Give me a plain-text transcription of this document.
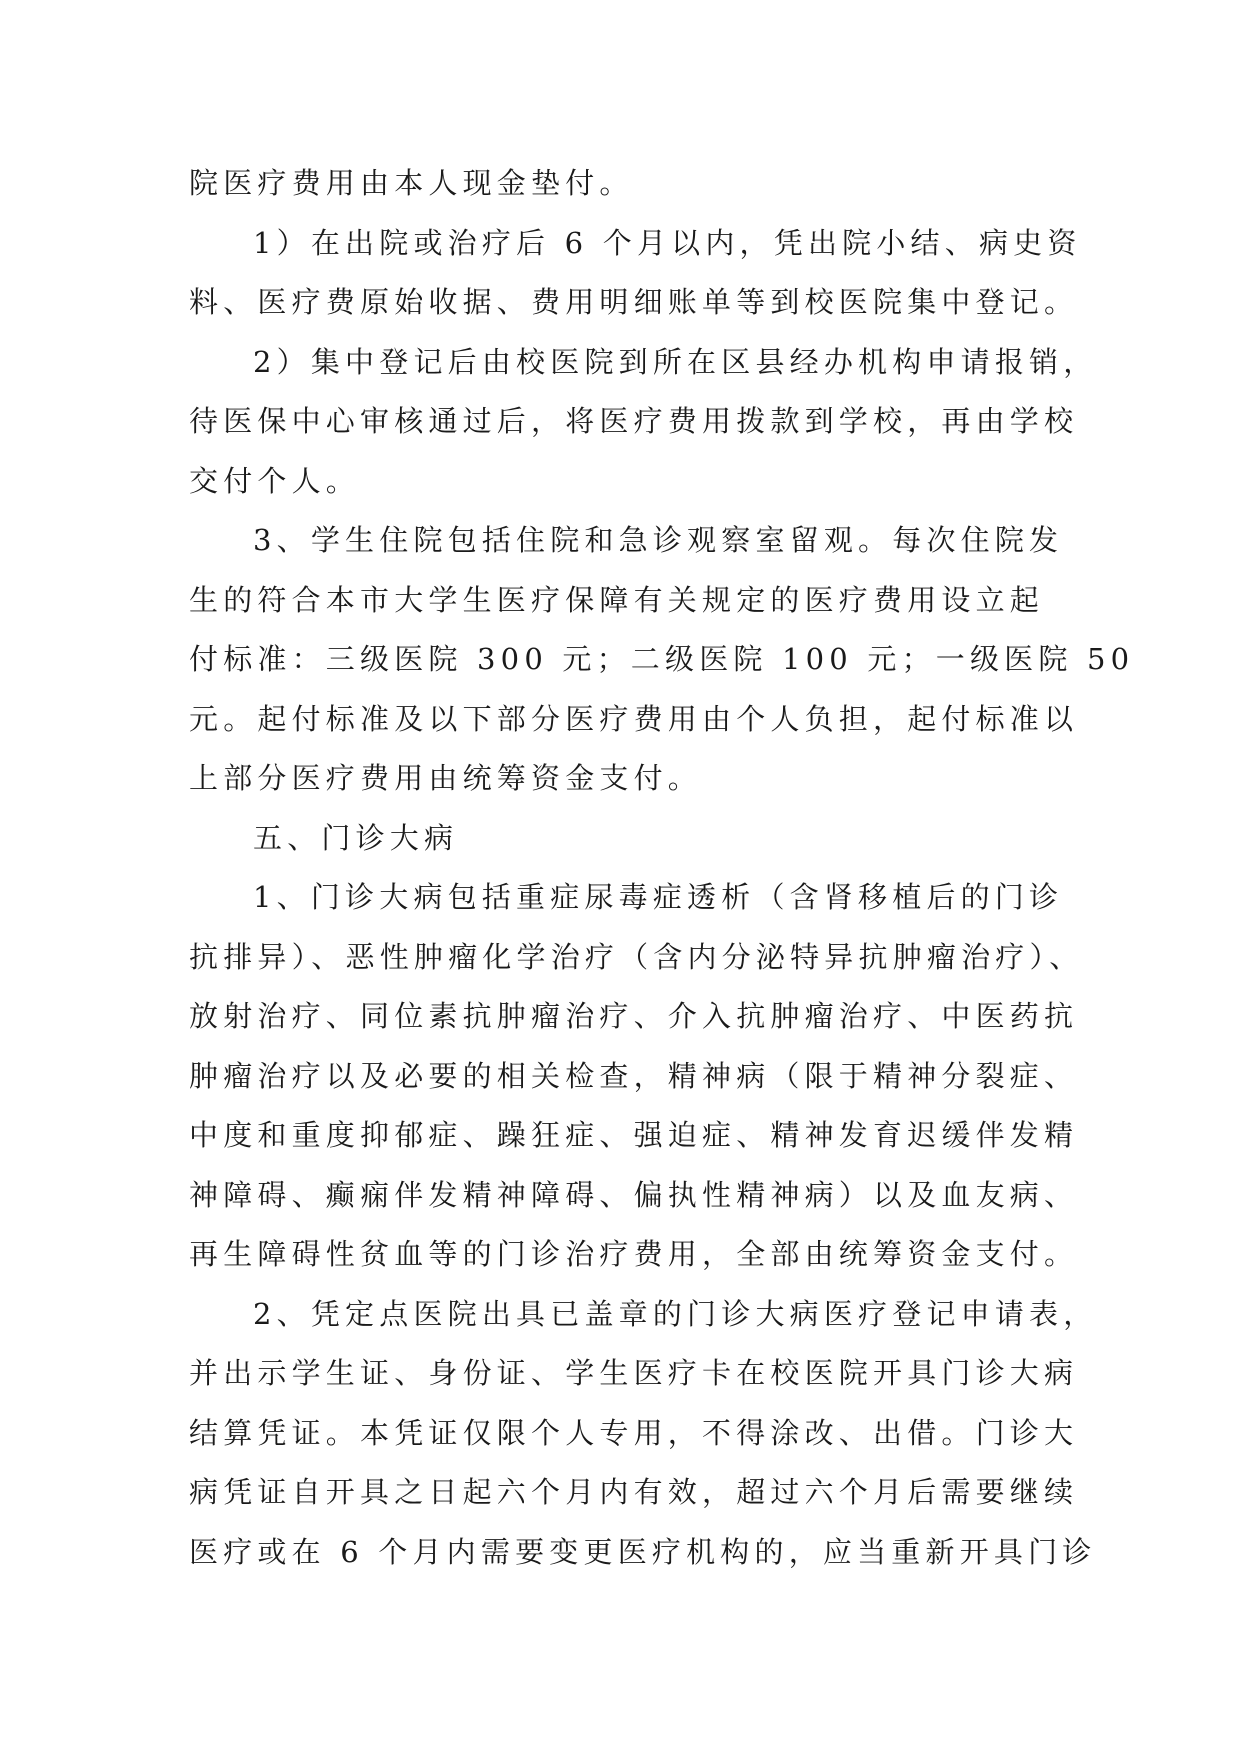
院医疗费用由本人现金垫付。
1）在出院或治疗后 6 个月以内，凭出院小结、病史资
料、医疗费原始收据、费用明细账单等到校医院集中登记。
2）集中登记后由校医院到所在区县经办机构申请报销，
待医保中心审核通过后，将医疗费用拨款到学校，再由学校
交付个人。
3、学生住院包括住院和急诊观察室留观。每次住院发
生的符合本市大学生医疗保障有关规定的医疗费用设立起
付标准：三级医院 300 元；二级医院 100 元；一级医院 50
元。起付标准及以下部分医疗费用由个人负担，起付标准以
上部分医疗费用由统筹资金支付。
五、门诊大病
1、门诊大病包括重症尿毒症透析（含肾移植后的门诊
抗排异）、恶性肿瘤化学治疗（含内分泌特异抗肿瘤治疗）、
放射治疗、同位素抗肿瘤治疗、介入抗肿瘤治疗、中医药抗
肿瘤治疗以及必要的相关检查，精神病（限于精神分裂症、
中度和重度抑郁症、躁狂症、强迫症、精神发育迟缓伴发精
神障碍、癫痫伴发精神障碍、偏执性精神病）以及血友病、
再生障碍性贫血等的门诊治疗费用，全部由统筹资金支付。
2、凭定点医院出具已盖章的门诊大病医疗登记申请表，
并出示学生证、身份证、学生医疗卡在校医院开具门诊大病
结算凭证。本凭证仅限个人专用，不得涂改、出借。门诊大
病凭证自开具之日起六个月内有效，超过六个月后需要继续
医疗或在 6 个月内需要变更医疗机构的，应当重新开具门诊
